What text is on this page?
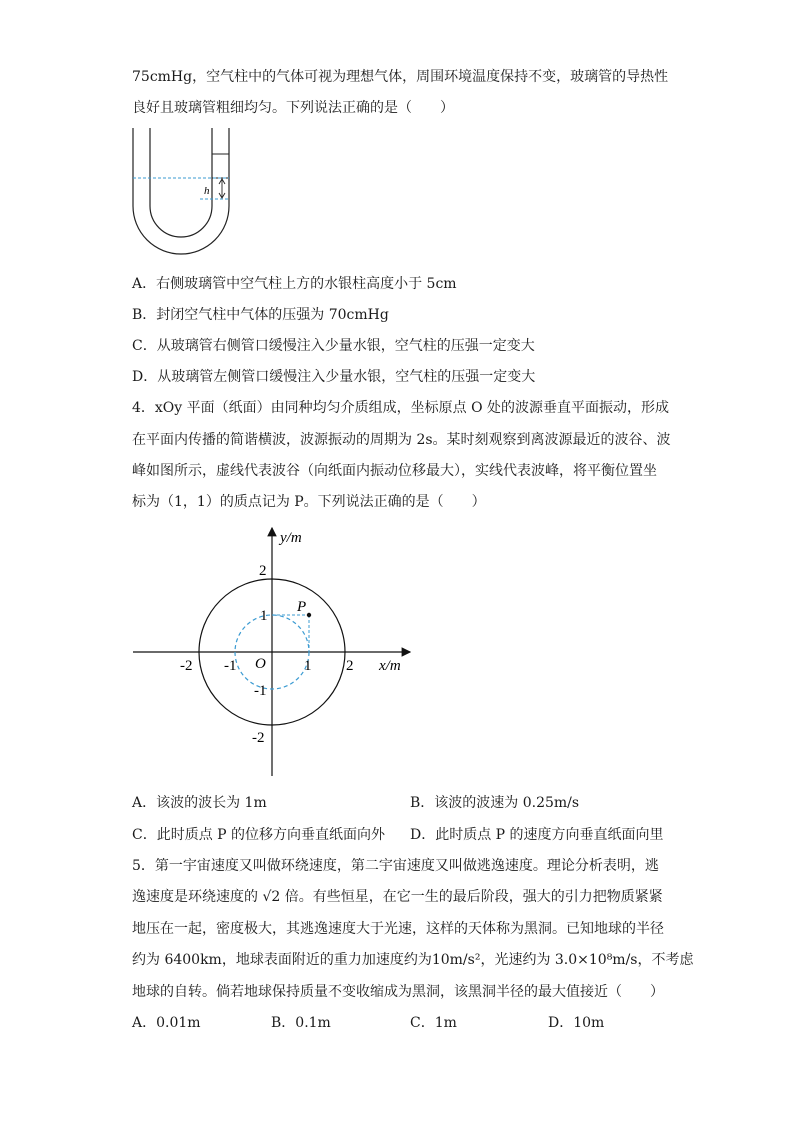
75cmHg，空气柱中的气体可视为理想气体，周围环境温度保持不变，玻璃管的导热性
良好且玻璃管粗细均匀。下列说法正确的是（　　）
h
A．右侧玻璃管中空气柱上方的水银柱高度小于 5cm
B．封闭空气柱中气体的压强为 70cmHg
C．从玻璃管右侧管口缓慢注入少量水银，空气柱的压强一定变大
D．从玻璃管左侧管口缓慢注入少量水银，空气柱的压强一定变大
4．xOy 平面（纸面）由同种均匀介质组成，坐标原点 O 处的波源垂直平面振动，形成
在平面内传播的简谐横波，波源振动的周期为 2s。某时刻观察到离波源最近的波谷、波
峰如图所示，虚线代表波谷（向纸面内振动位移最大），实线代表波峰，将平衡位置坐
标为（1，1）的质点记为 P。下列说法正确的是（　　）
y/m
x/m
O
P
2
-2 -1	1 2
1
-1
-2
A．该波的波长为 1m	B．该波的波速为 0.25m/s
C．此时质点 P 的位移方向垂直纸面向外 D．此时质点 P 的速度方向垂直纸面向里
5．第一宇宙速度又叫做环绕速度，第二宇宙速度又叫做逃逸速度。理论分析表明，逃
逸速度是环绕速度的 √2 倍。有些恒星，在它一生的最后阶段，强大的引力把物质紧紧
地压在一起，密度极大，其逃逸速度大于光速，这样的天体称为黑洞。已知地球的半径
约为 6400km，地球表面附近的重力加速度约为10m/s²，光速约为 3.0×10⁸m/s，不考虑
地球的自转。倘若地球保持质量不变收缩成为黑洞，该黑洞半径的最大值接近（　　）
A．0.01m	B．0.1m	C．1m	D．10m
